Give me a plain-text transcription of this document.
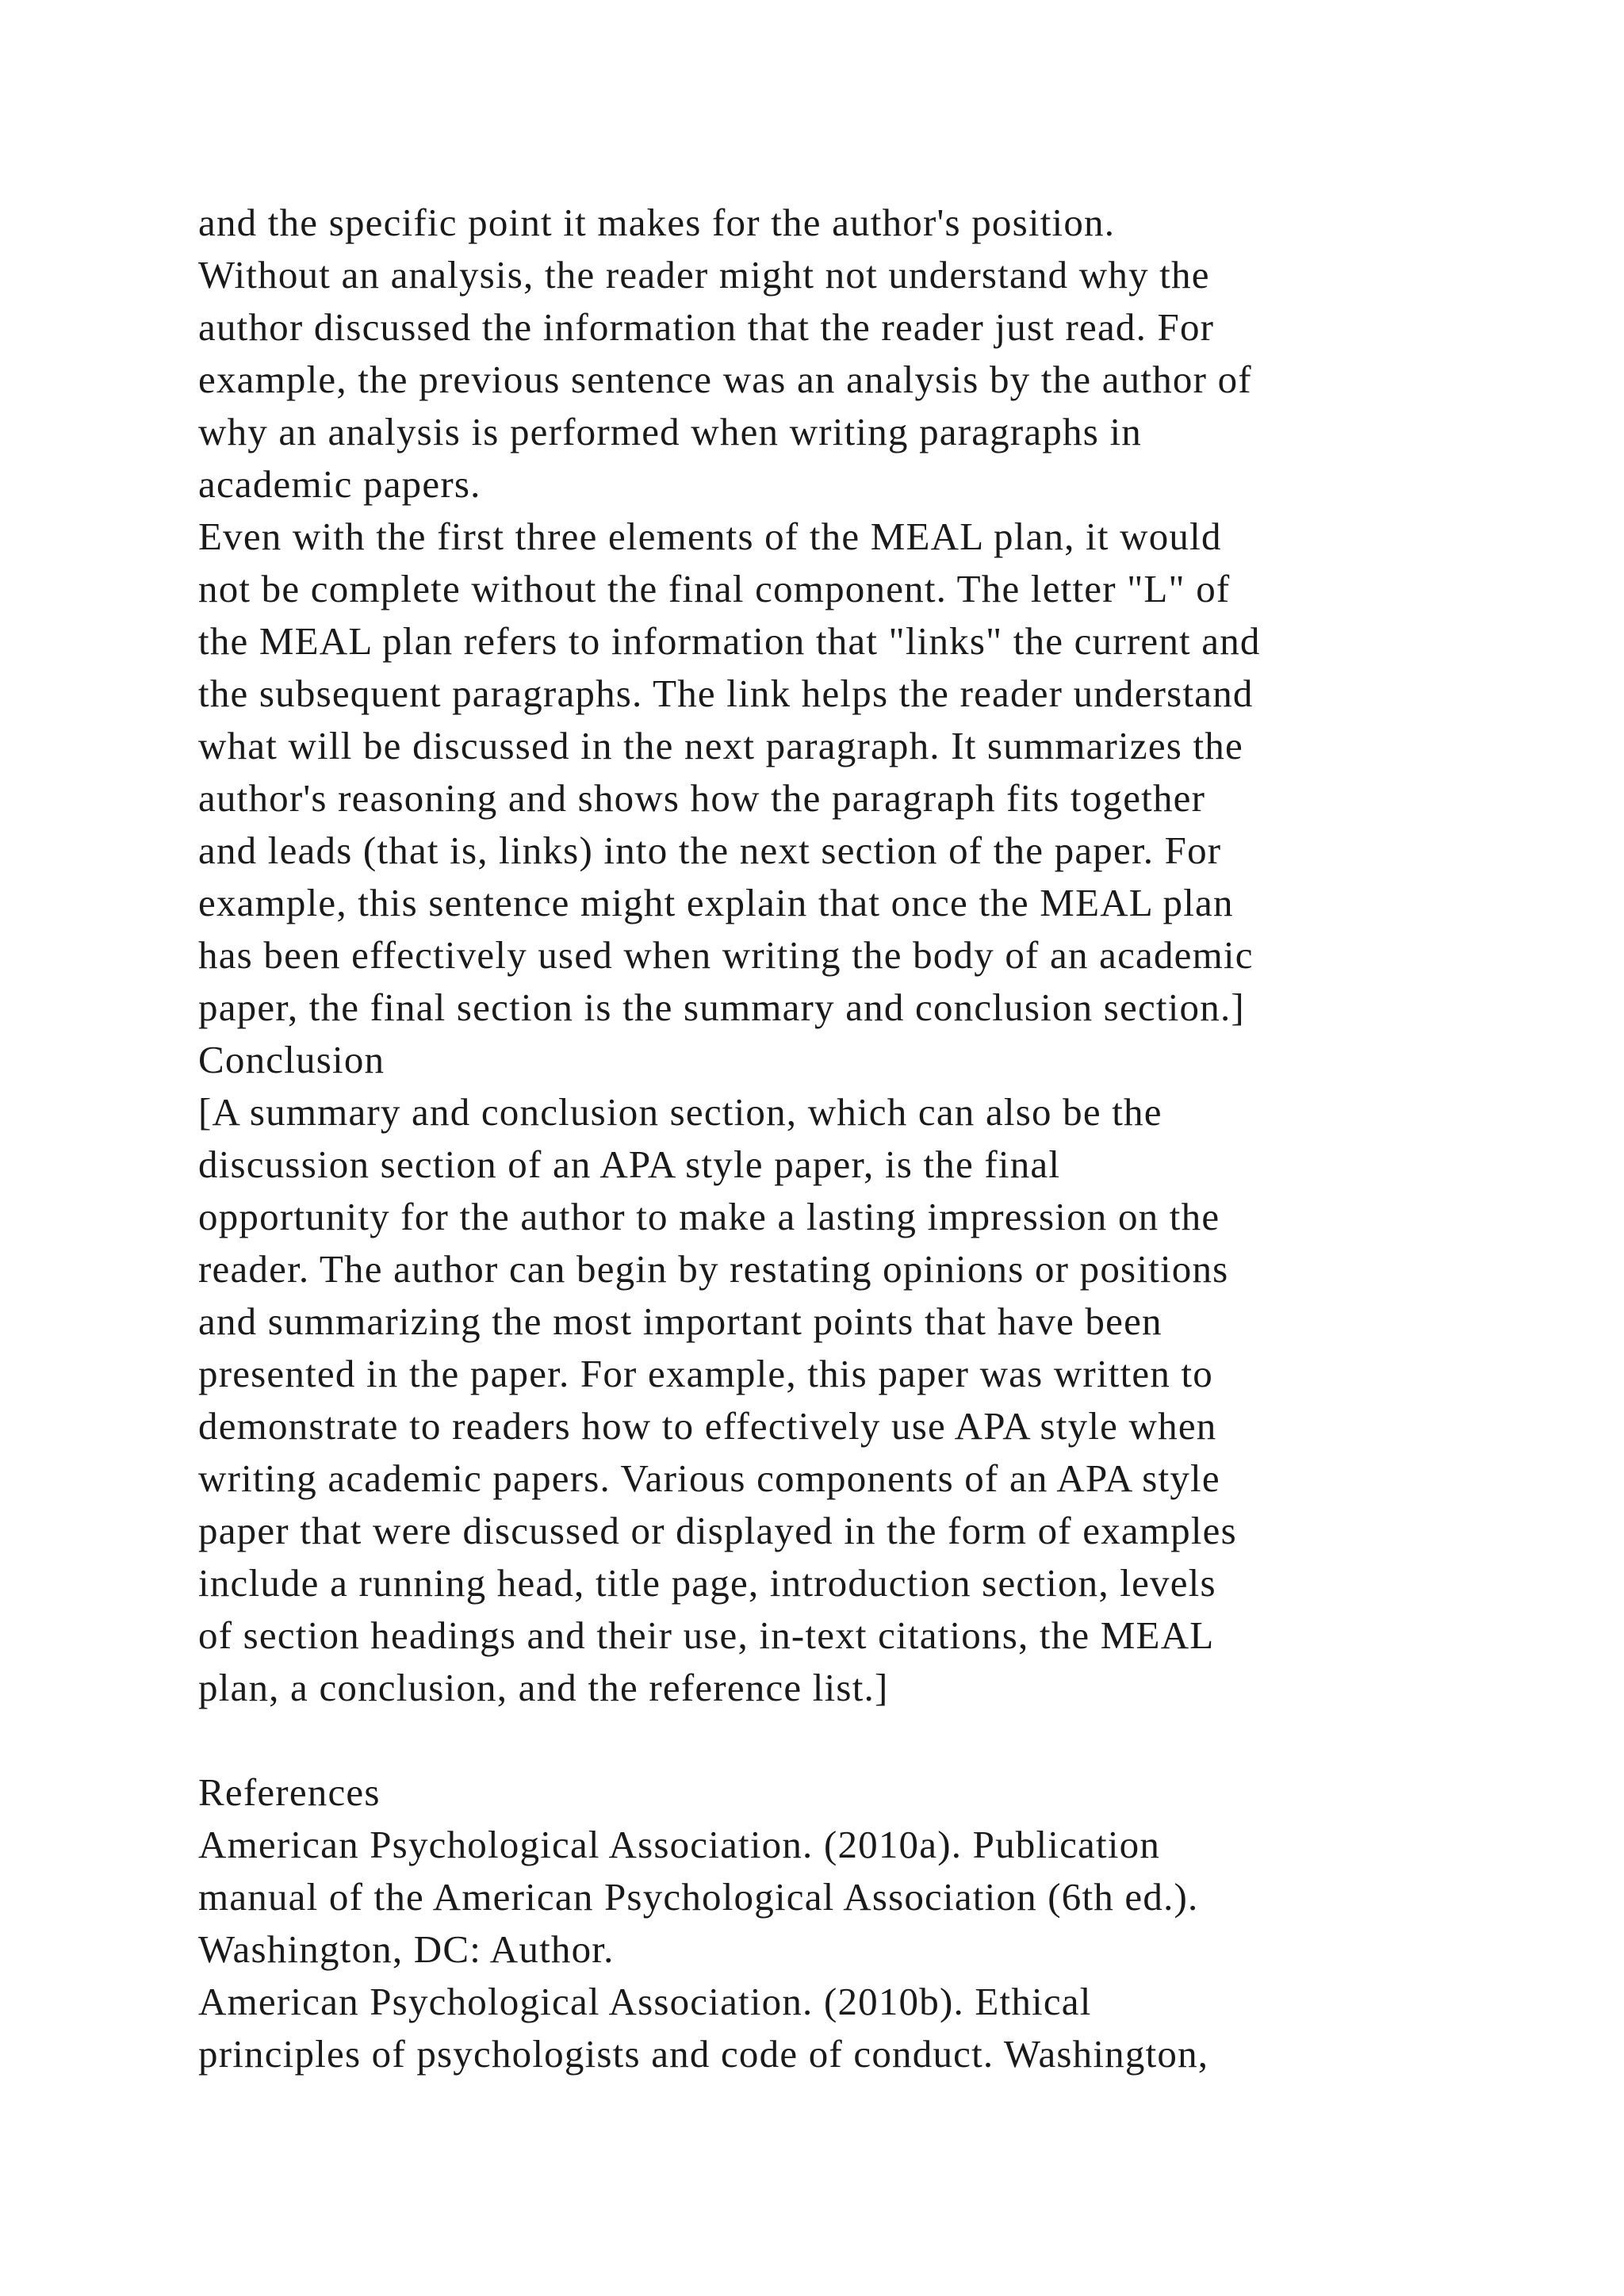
and the specific point it makes for the author's position.
Without an analysis, the reader might not understand why the
author discussed the information that the reader just read. For
example, the previous sentence was an analysis by the author of
why an analysis is performed when writing paragraphs in
academic papers.
Even with the first three elements of the MEAL plan, it would
not be complete without the final component. The letter "L" of
the MEAL plan refers to information that "links" the current and
the subsequent paragraphs. The link helps the reader understand
what will be discussed in the next paragraph. It summarizes the
author's reasoning and shows how the paragraph fits together
and leads (that is, links) into the next section of the paper. For
example, this sentence might explain that once the MEAL plan
has been effectively used when writing the body of an academic
paper, the final section is the summary and conclusion section.]
Conclusion
[A summary and conclusion section, which can also be the
discussion section of an APA style paper, is the final
opportunity for the author to make a lasting impression on the
reader. The author can begin by restating opinions or positions
and summarizing the most important points that have been
presented in the paper. For example, this paper was written to
demonstrate to readers how to effectively use APA style when
writing academic papers. Various components of an APA style
paper that were discussed or displayed in the form of examples
include a running head, title page, introduction section, levels
of section headings and their use, in-text citations, the MEAL
plan, a conclusion, and the reference list.]
References
American Psychological Association. (2010a). Publication
manual of the American Psychological Association (6th ed.).
Washington, DC: Author.
American Psychological Association. (2010b). Ethical
principles of psychologists and code of conduct. Washington,
